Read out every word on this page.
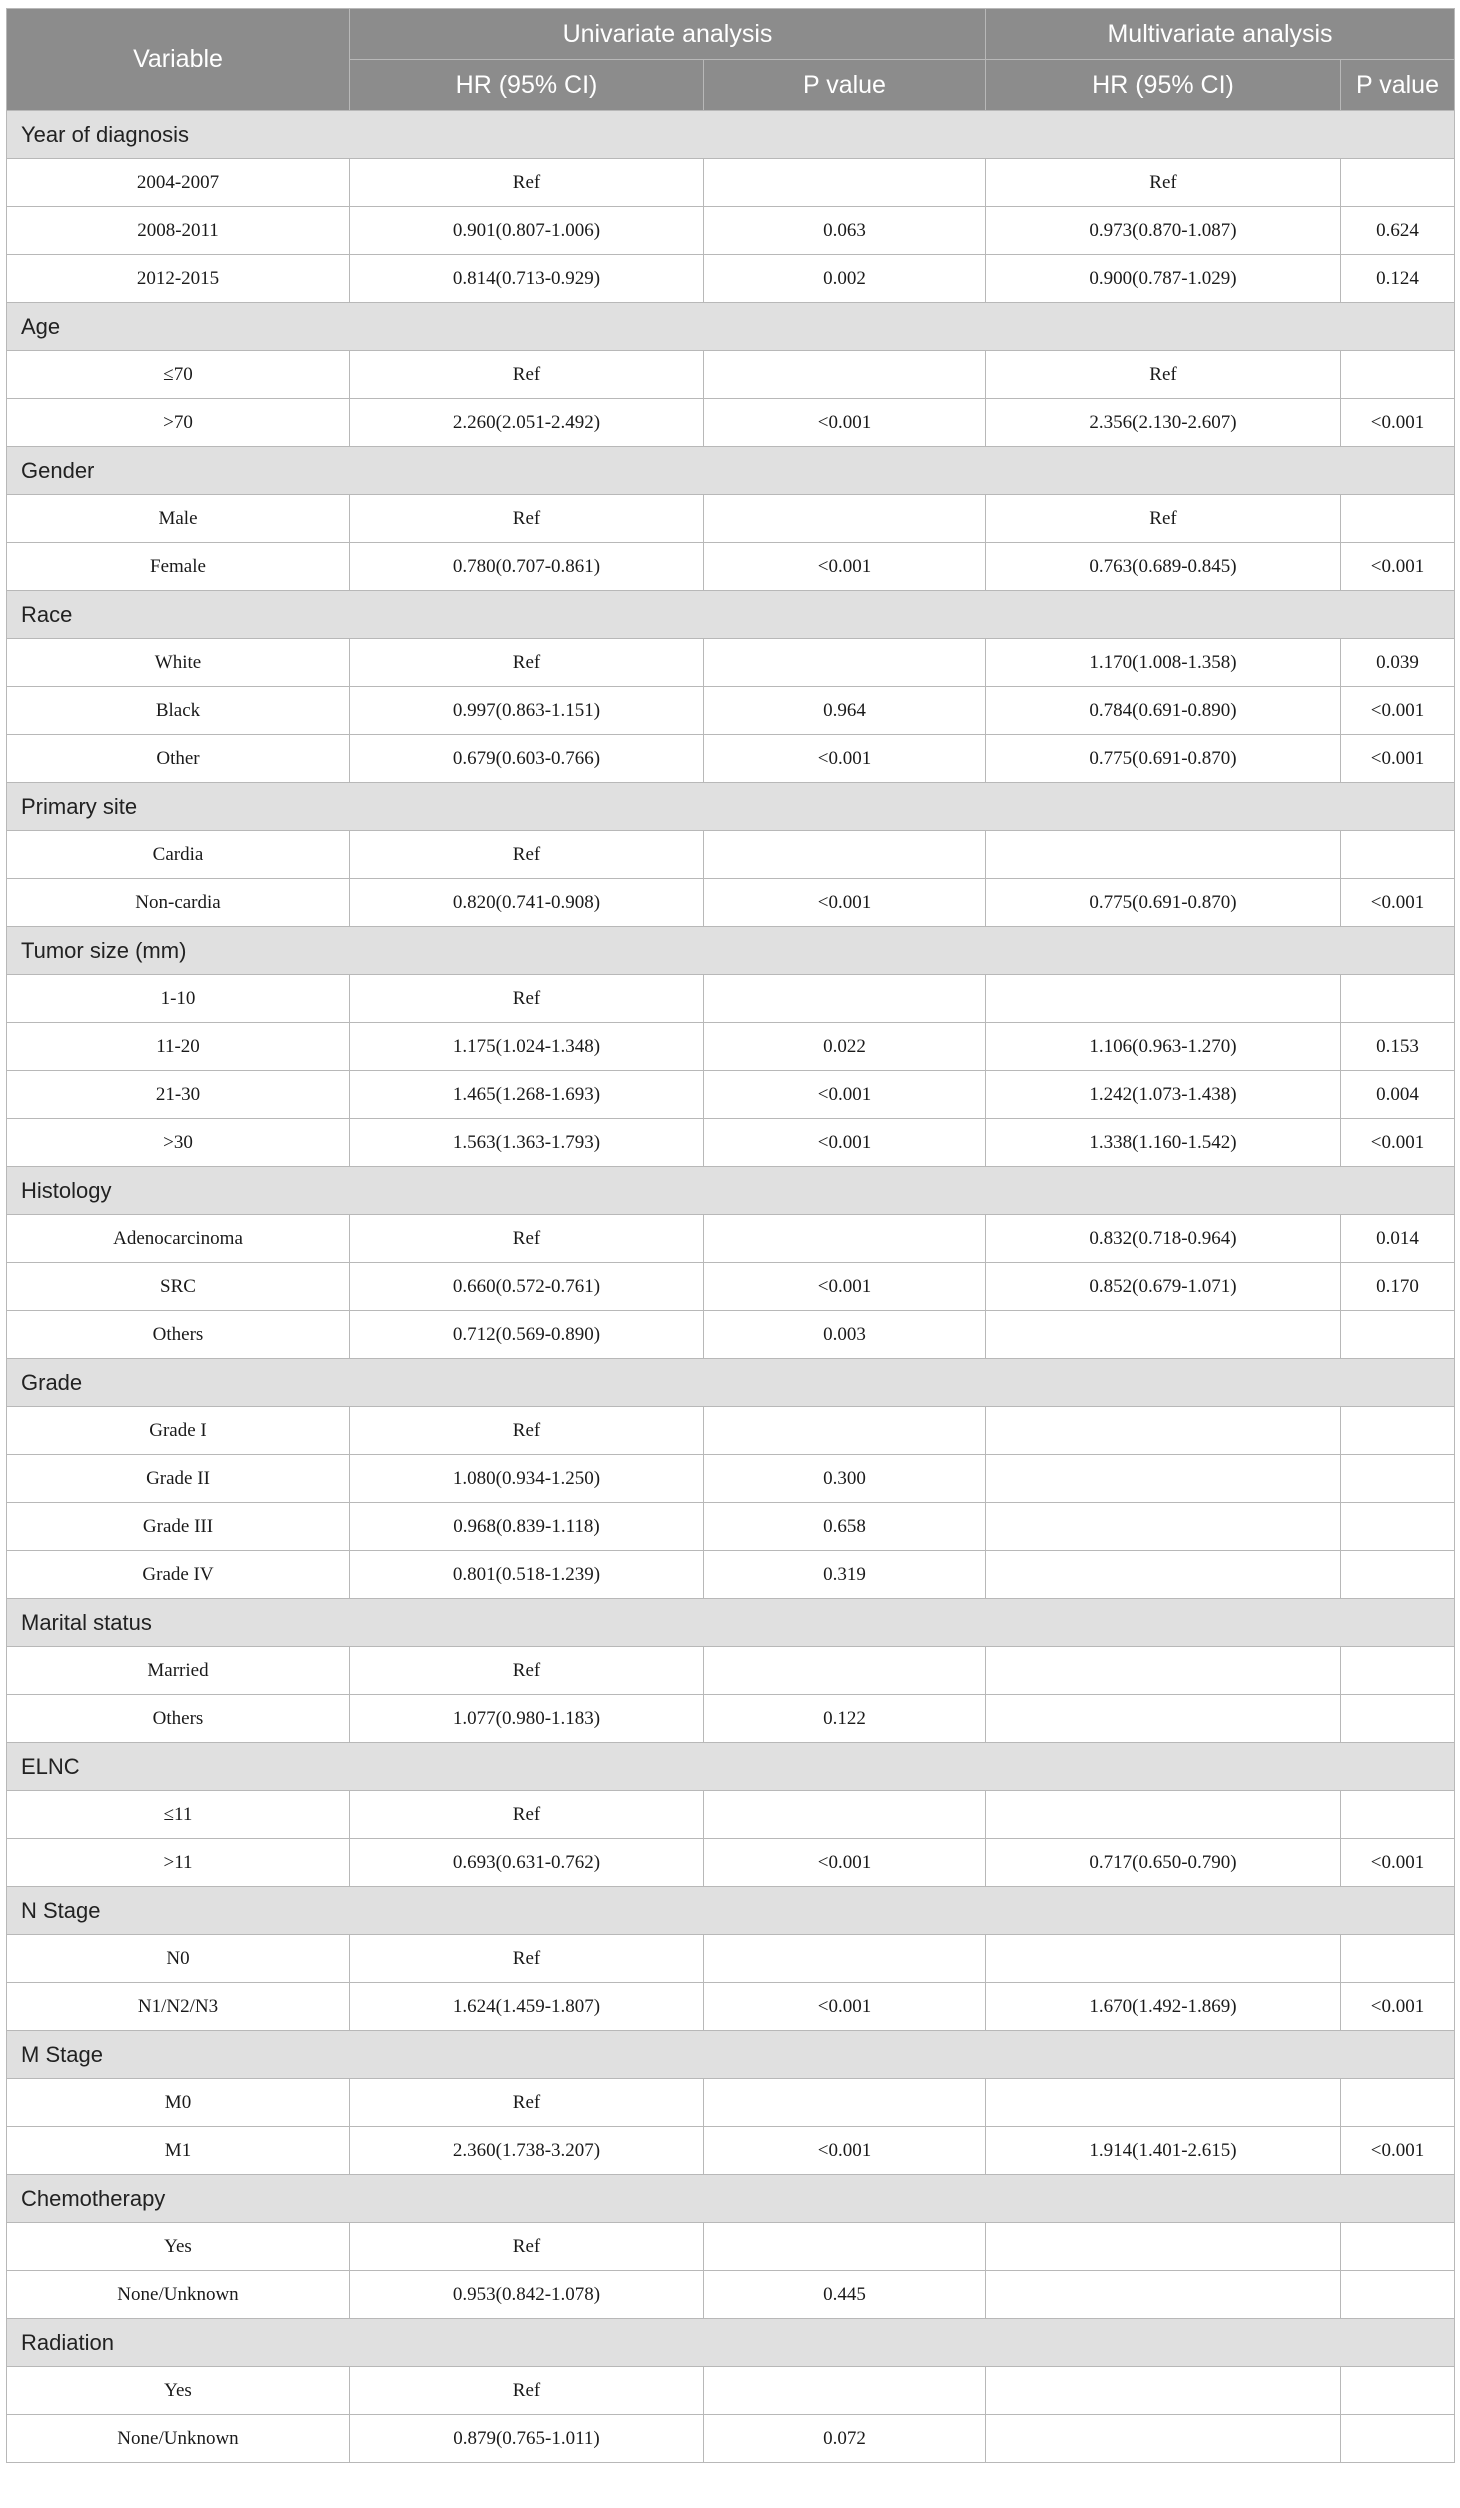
Variable	Univariate analysis		Multivariate analysis	
	HR (95% CI)	P value	HR (95% CI)	P value
Year of diagnosis				
2004-2007	Ref		Ref	
2008-2011	0.901(0.807-1.006)	0.063	0.973(0.870-1.087)	0.624
2012-2015	0.814(0.713-0.929)	0.002	0.900(0.787-1.029)	0.124
Age				
≤70	Ref		Ref	
>70	2.260(2.051-2.492)	<0.001	2.356(2.130-2.607)	<0.001
Gender				
Male	Ref		Ref	
Female	0.780(0.707-0.861)	<0.001	0.763(0.689-0.845)	<0.001
Race				
White	Ref		1.170(1.008-1.358)	0.039
Black	0.997(0.863-1.151)	0.964	0.784(0.691-0.890)	<0.001
Other	0.679(0.603-0.766)	<0.001	0.775(0.691-0.870)	<0.001
Primary site				
Cardia	Ref			
Non-cardia	0.820(0.741-0.908)	<0.001	0.775(0.691-0.870)	<0.001
Tumor size (mm)				
1-10	Ref			
11-20	1.175(1.024-1.348)	0.022	1.106(0.963-1.270)	0.153
21-30	1.465(1.268-1.693)	<0.001	1.242(1.073-1.438)	0.004
>30	1.563(1.363-1.793)	<0.001	1.338(1.160-1.542)	<0.001
Histology				
Adenocarcinoma	Ref		0.832(0.718-0.964)	0.014
SRC	0.660(0.572-0.761)	<0.001	0.852(0.679-1.071)	0.170
Others	0.712(0.569-0.890)	0.003		
Grade				
Grade I	Ref			
Grade II	1.080(0.934-1.250)	0.300		
Grade III	0.968(0.839-1.118)	0.658		
Grade IV	0.801(0.518-1.239)	0.319		
Marital status				
Married	Ref			
Others	1.077(0.980-1.183)	0.122		
ELNC				
≤11	Ref			
>11	0.693(0.631-0.762)	<0.001	0.717(0.650-0.790)	<0.001
N Stage				
N0	Ref			
N1/N2/N3	1.624(1.459-1.807)	<0.001	1.670(1.492-1.869)	<0.001
M Stage				
M0	Ref			
M1	2.360(1.738-3.207)	<0.001	1.914(1.401-2.615)	<0.001
Chemotherapy				
Yes	Ref			
None/Unknown	0.953(0.842-1.078)	0.445		
Radiation				
Yes	Ref			
None/Unknown	0.879(0.765-1.011)	0.072		
